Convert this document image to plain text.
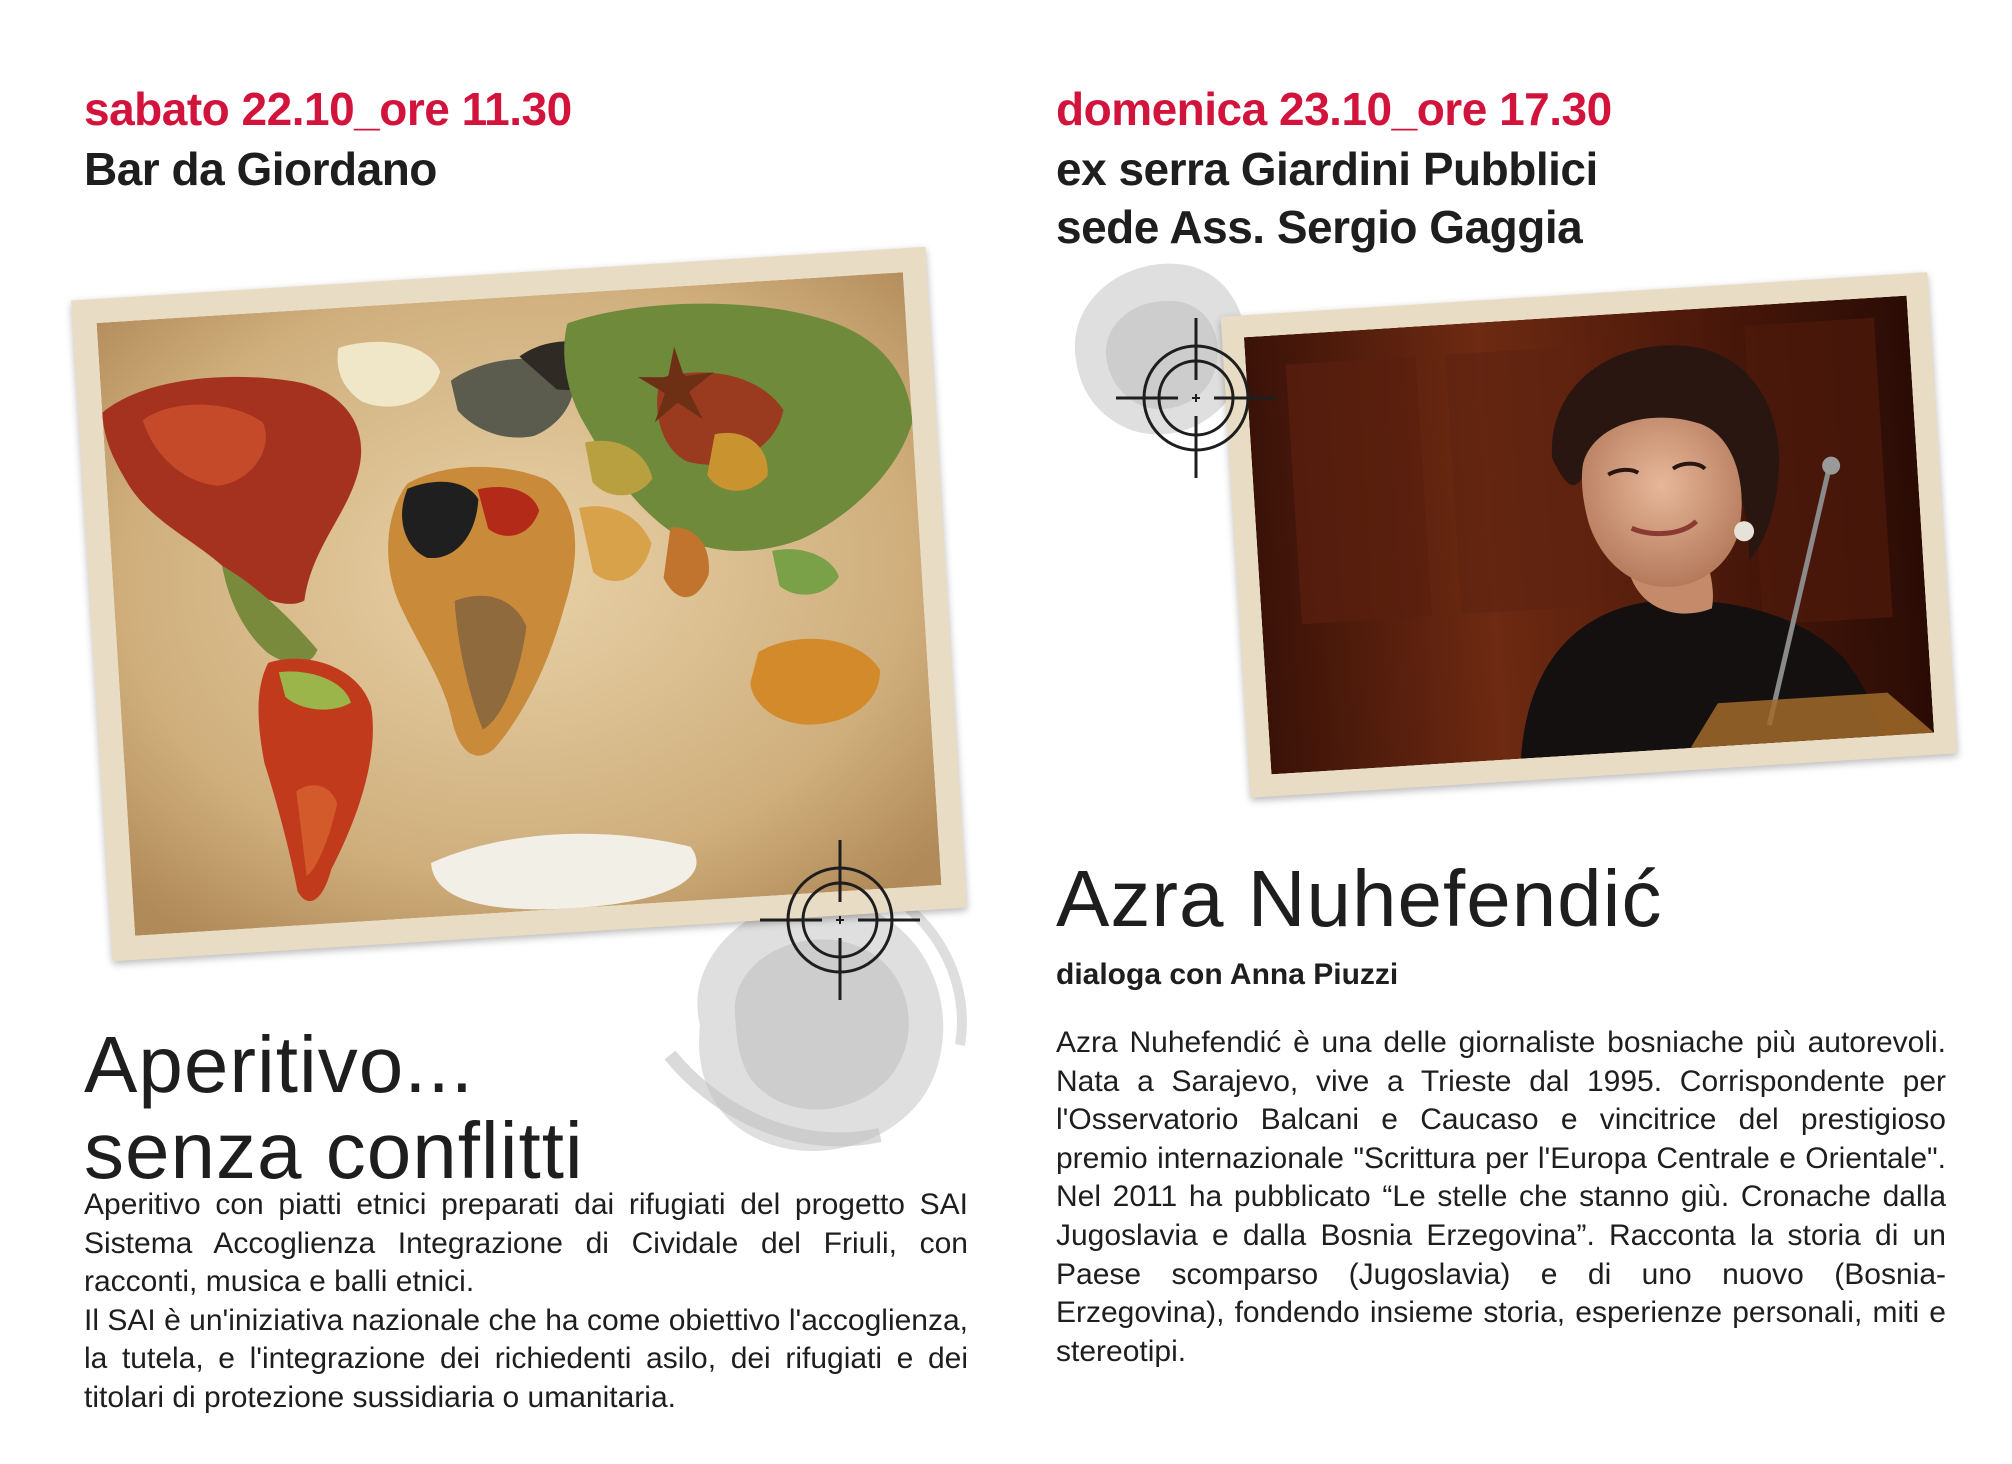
sabato 22.10_ore 11.30
Bar da Giordano
Aperitivo...
senza conflitti

Aperitivo con piatti etnici preparati dai rifugiati del progetto SAI Sistema Accoglienza Integrazione di Cividale del Friuli, con racconti, musica e balli etnici.

Il SAI è un'iniziativa nazionale che ha come obiettivo l'accoglienza, la tutela, e l'integrazione dei richiedenti asilo, dei rifugiati e dei titolari di protezione sussidiaria o umanitaria.

domenica 23.10_ore 17.30
ex serra Giardini Pubblici
sede Ass. Sergio Gaggia
Azra Nuhefendić
dialoga con Anna Piuzzi

Azra Nuhefendić è una delle giornaliste bosniache più autorevoli. Nata a Sarajevo, vive a Trieste dal 1995. Corrispondente per l'Osservatorio Balcani e Caucaso e vincitrice del prestigioso premio internazionale "Scrittura per l'Europa Centrale e Orientale". Nel 2011 ha pubblicato “Le stelle che stanno giù. Cronache dalla Jugoslavia e dalla Bosnia Erzegovina”. Racconta la storia di un Paese scomparso (Jugoslavia) e di uno nuovo (Bosnia-Erzegovina), fondendo insieme storia, esperienze personali, miti e stereotipi.
